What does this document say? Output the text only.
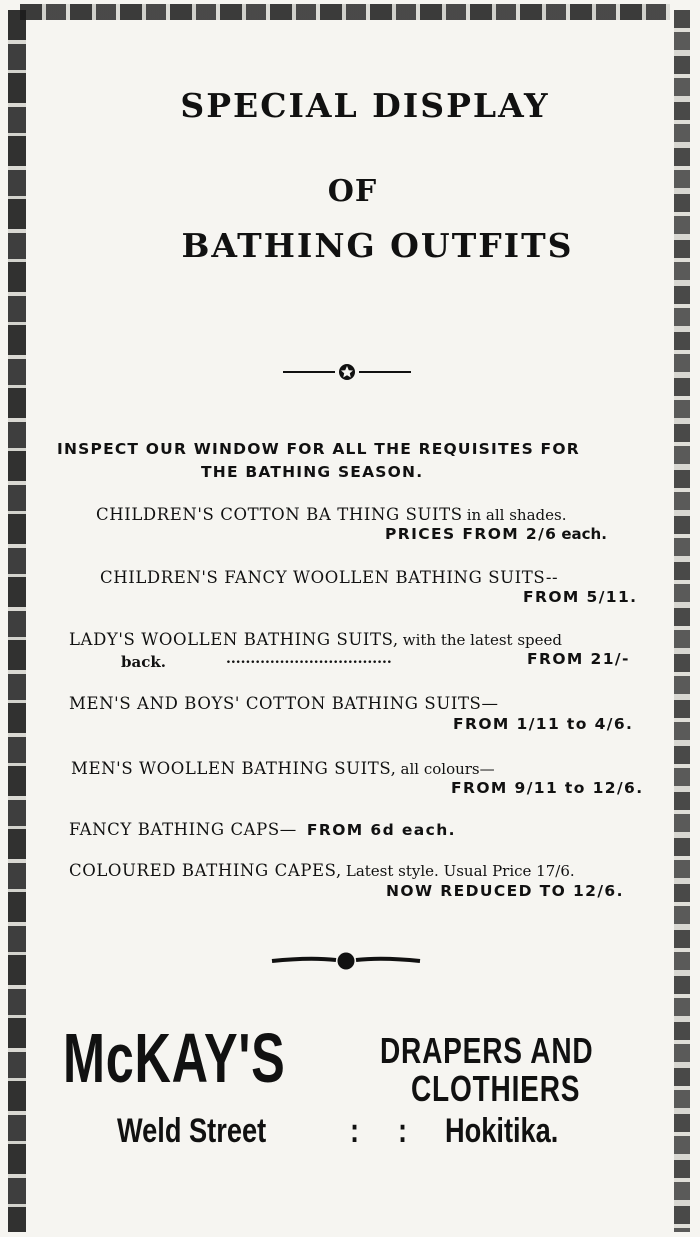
SPECIAL DISPLAY
OF
BATHING OUTFITS
INSPECT OUR WINDOW FOR ALL THE REQUISITES FOR
THE BATHING SEASON.
CHILDREN'S COTTON BA THING SUITS in all shades.
PRICES FROM 2/6 each.
CHILDREN'S FANCY WOOLLEN BATHING SUITS--
FROM 5/11.
LADY'S WOOLLEN BATHING SUITS, with the latest speed
back.	..................................	FROM 21/-
MEN'S AND BOYS' COTTON BATHING SUITS—
FROM 1/11 to 4/6.
MEN'S WOOLLEN BATHING SUITS, all colours—
FROM 9/11 to 12/6.
FANCY BATHING CAPS— FROM 6d each.
COLOURED BATHING CAPES, Latest style. Usual Price 17/6.
NOW REDUCED TO 12/6.
McKAY'S	DRAPERS AND
CLOTHIERS
Weld Street : : Hokitika.
